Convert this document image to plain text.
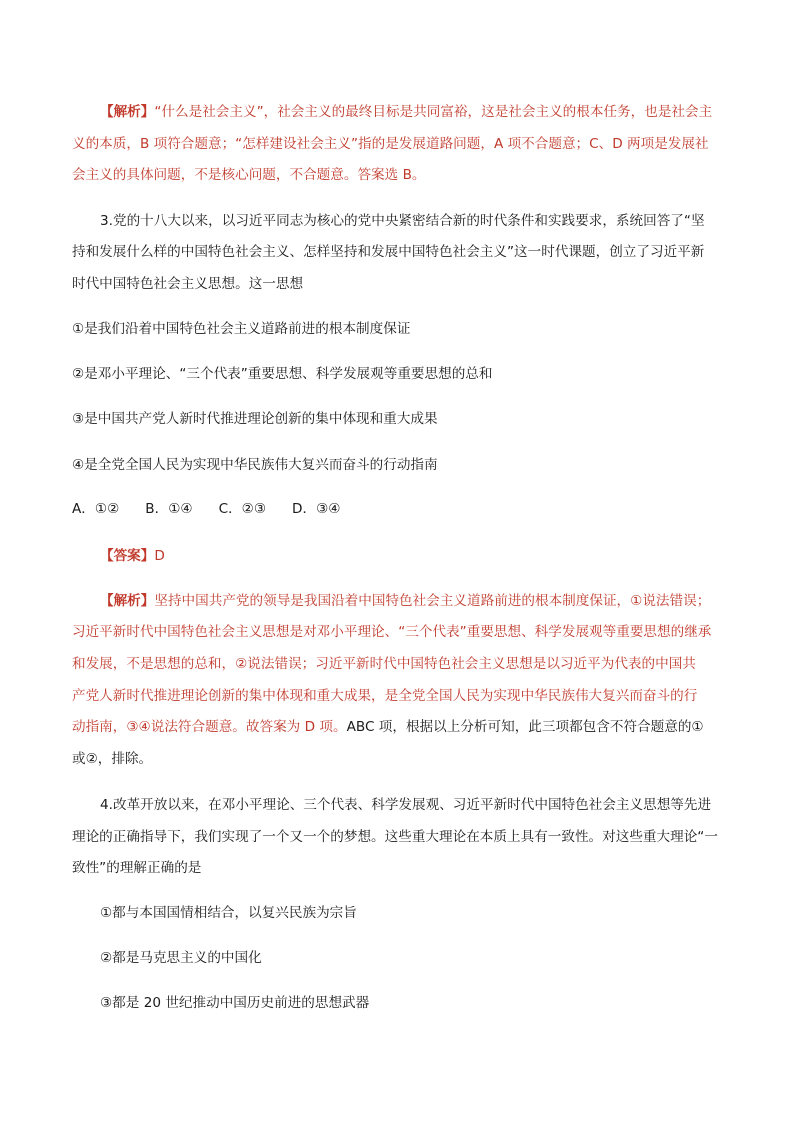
【解析】“什么是社会主义”，社会主义的最终目标是共同富裕，这是社会主义的根本任务，也是社会主
义的本质，B 项符合题意；“怎样建设社会主义”指的是发展道路问题，A 项不合题意；C、D 两项是发展社
会主义的具体问题，不是核心问题，不合题意。答案选 B。
3.党的十八大以来，以习近平同志为核心的党中央紧密结合新的时代条件和实践要求，系统回答了“坚
持和发展什么样的中国特色社会主义、怎样坚持和发展中国特色社会主义”这一时代课题，创立了习近平新
时代中国特色社会主义思想。这一思想
①是我们沿着中国特色社会主义道路前进的根本制度保证
②是邓小平理论、“三个代表”重要思想、科学发展观等重要思想的总和
③是中国共产党人新时代推进理论创新的集中体现和重大成果
④是全党全国人民为实现中华民族伟大复兴而奋斗的行动指南
A．①② B．①④ C．②③ D．③④
【答案】D
【解析】坚持中国共产党的领导是我国沿着中国特色社会主义道路前进的根本制度保证，①说法错误；
习近平新时代中国特色社会主义思想是对邓小平理论、“三个代表”重要思想、科学发展观等重要思想的继承
和发展，不是思想的总和，②说法错误；习近平新时代中国特色社会主义思想是以习近平为代表的中国共
产党人新时代推进理论创新的集中体现和重大成果，是全党全国人民为实现中华民族伟大复兴而奋斗的行
动指南，③④说法符合题意。故答案为 D 项。ABC 项，根据以上分析可知，此三项都包含不符合题意的①
或②，排除。
4.改革开放以来，在邓小平理论、三个代表、科学发展观、习近平新时代中国特色社会主义思想等先进
理论的正确指导下，我们实现了一个又一个的梦想。这些重大理论在本质上具有一致性。对这些重大理论“一
致性”的理解正确的是
①都与本国国情相结合，以复兴民族为宗旨
②都是马克思主义的中国化
③都是 20 世纪推动中国历史前进的思想武器
